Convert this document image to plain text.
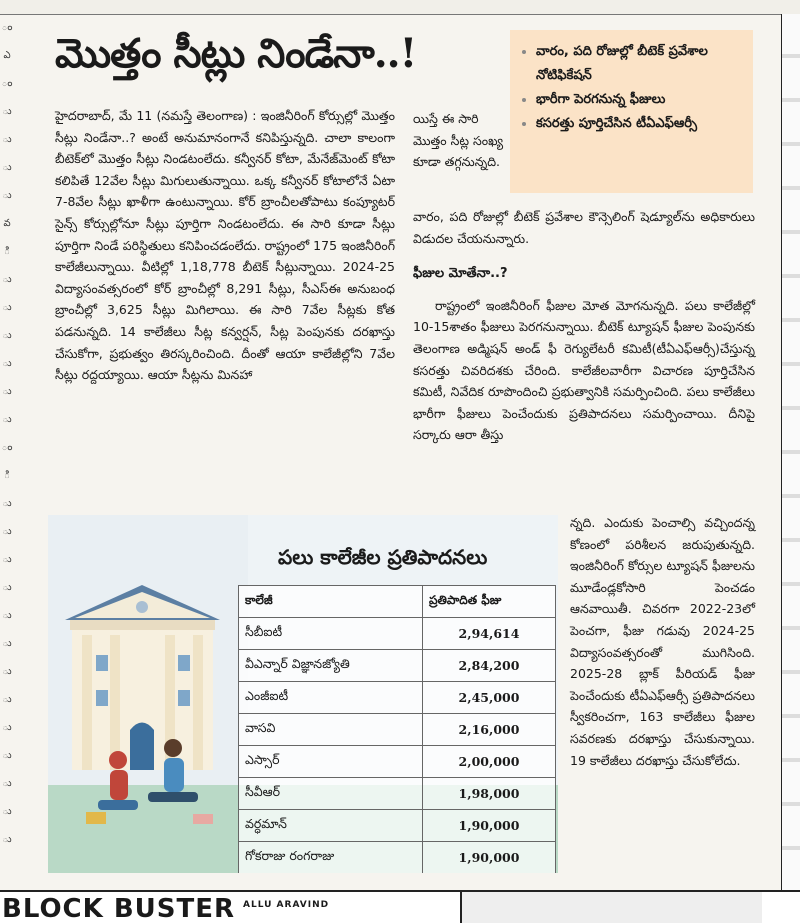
ం
ఎ
ం
ు
ు
ు
ు
వ
ి
ు
ు
ు
ు
ు
ు
ం
ి
ు
ు
ు
ు
ు
ు
ు
ు
ు
ు
ు
ు
ు
మొత్తం సీట్లు నిండేనా..!	• వారం, పది రోజుల్లో బీటెక్ ప్రవేశాల నోటిఫికేషన్
• భారీగా పెరగనున్న ఫీజులు
• కసరత్తు పూర్తిచేసిన టీఏఎఫ్ఆర్సీ
హైదరాబాద్, మే 11 (నమస్తే తెలంగాణ) : ఇంజినీరింగ్ కోర్సుల్లో మొత్తం సీట్లు నిండేనా..? అంటే అనుమానంగానే కనిపిస్తున్నది. చాలా కాలంగా బీటెక్‌లో మొత్తం సీట్లు నిండటంలేదు. కన్వీనర్ కోటా, మేనేజ్‌మెంట్ కోటా కలిపితే 12వేల సీట్లు మిగులుతున్నాయి. ఒక్క కన్వీనర్ కోటాలోనే ఏటా 7-8వేల సీట్లు ఖాళీగా ఉంటున్నాయి. కోర్ బ్రాంచీలతోపాటు కంప్యూటర్ సైన్స్ కోర్సుల్లోనూ సీట్లు పూర్తిగా నిండటంలేదు. ఈ సారి కూడా సీట్లు పూర్తిగా నిండే పరిస్థితులు కనిపించడంలేదు. రాష్ట్రంలో 175 ఇంజినీరింగ్ కాలేజీలున్నాయి. వీటిల్లో 1,18,778 బీటెక్ సీట్లున్నాయి. 2024-25 విద్యాసంవత్సరంలో కోర్ బ్రాంచీల్లో 8,291 సీట్లు, సీఎస్‌ఈ అనుబంధ బ్రాంచీల్లో 3,625 సీట్లు మిగిలాయి. ఈ సారి 7వేల సీట్లకు కోత పడనున్నది. 14 కాలేజీలు సీట్ల కన్వర్షన్, సీట్ల పెంపునకు దరఖాస్తు చేసుకోగా, ప్రభుత్వం తిరస్కరించింది. దీంతో ఆయా కాలేజీల్లోని 7వేల సీట్లు రద్దయ్యాయి. ఆయా సీట్లను మినహా
యిస్తే ఈ సారి మొత్తం సీట్ల సంఖ్య కూడా తగ్గనున్నది.
వారం, పది రోజుల్లో బీటెక్ ప్రవేశాల కౌన్సెలింగ్ షెడ్యూల్‌ను అధికారులు విడుదల చేయనున్నారు.
ఫీజుల మోతేనా..?
రాష్ట్రంలో ఇంజినీరింగ్ ఫీజుల మోత మోగనున్నది. పలు కాలేజీల్లో 10-15శాతం ఫీజులు పెరగనున్నాయి. బీటెక్ ట్యూషన్ ఫీజుల పెంపునకు తెలంగాణ అడ్మిషన్ అండ్ ఫీ రెగ్యులేటరీ కమిటీ(టీఏఎఫ్ఆర్సీ)చేస్తున్న కసరత్తు చివరిదశకు చేరింది. కాలేజీలవారీగా విచారణ పూర్తిచేసిన కమిటీ, నివేదిక రూపొందించి ప్రభుత్వానికి సమర్పించింది. పలు కాలేజీలు భారీగా ఫీజులు పెంచేందుకు ప్రతిపాదనలు సమర్పించాయి. దీనిపై సర్కారు ఆరా తీస్తు
పలు కాలేజీల ప్రతిపాదనలు
కాలేజీ	ప్రతిపాదిత ఫీజు
సీబీఐటీ	2,94,614
వీఎన్నార్ విజ్ఞానజ్యోతి	2,84,200
ఎంజీఐటీ	2,45,000
వాసవి	2,16,000
ఎస్సార్	2,00,000
సీవీఆర్	1,98,000
వర్ధమాన్	1,90,000
గోకరాజు రంగరాజు	1,90,000
న్నది. ఎందుకు పెంచాల్సి వచ్చిందన్న కోణంలో పరిశీలన జరుపుతున్నది. ఇంజినీరింగ్ కోర్సుల ట్యూషన్ ఫీజులను మూడేండ్లకోసారి పెంచడం ఆనవాయితీ. చివరగా 2022-23లో పెంచగా, ఫీజు గడువు 2024-25 విద్యాసంవత్సరంతో ముగిసింది. 2025-28 బ్లాక్ పీరియడ్ ఫీజు పెంచేందుకు టీఏఎఫ్ఆర్సీ ప్రతిపాదనలు స్వీకరించగా, 163 కాలేజీలు ఫీజుల సవరణకు దరఖాస్తు చేసుకున్నాయి. 19 కాలేజీలు దరఖాస్తు చేసుకోలేదు.
BLOCK BUSTER ALLU ARAVIND
